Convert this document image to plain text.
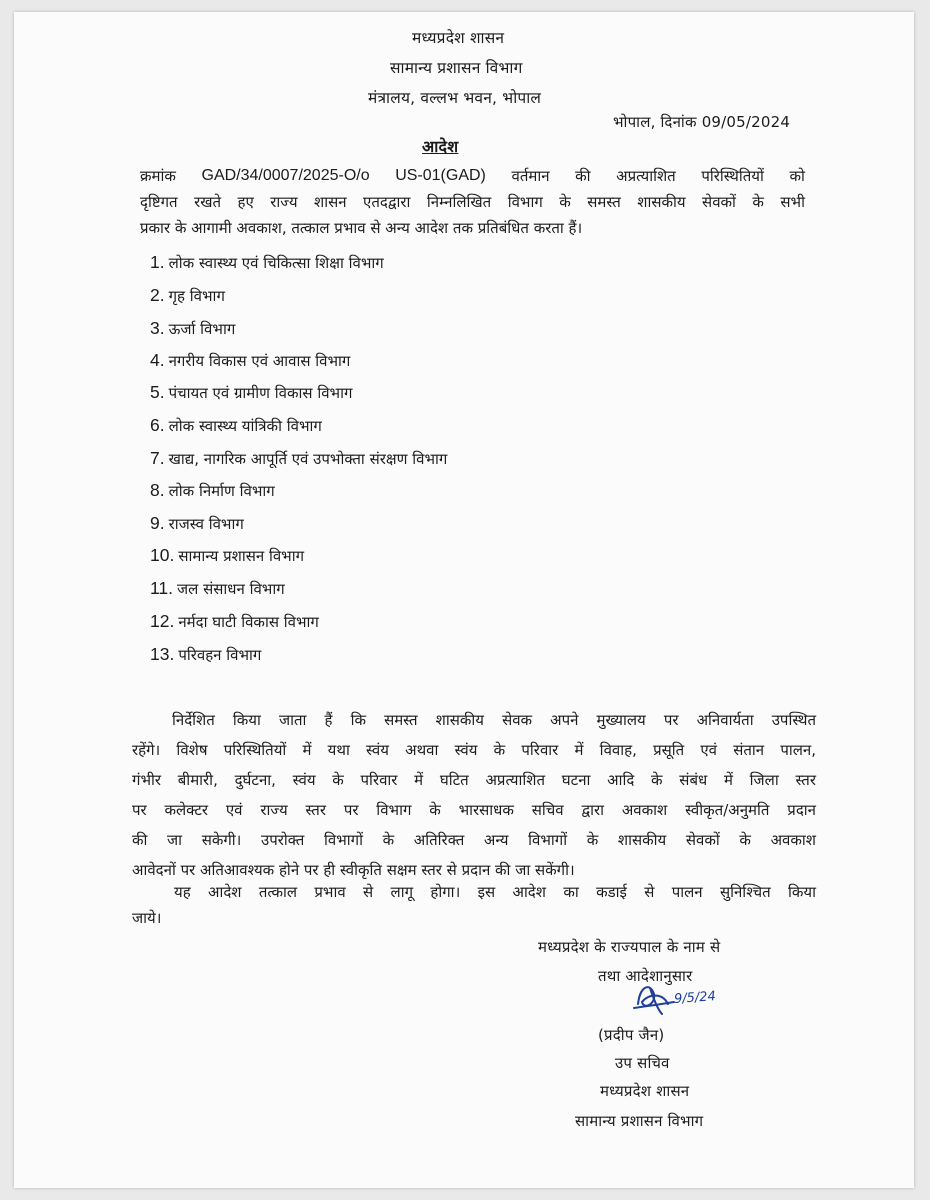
मध्यप्रदेश शासन
सामान्य प्रशासन विभाग
मंत्रालय, वल्लभ भवन, भोपाल
भोपाल, दिनांक 09/05/2024
आदेश
क्रमांक GAD/34/0007/2025-O/o US-01(GAD) वर्तमान की अप्रत्याशित परिस्थितियों को
दृष्टिगत रखते हए राज्य शासन एतदद्वारा निम्नलिखित विभाग के समस्त शासकीय सेवकों के सभी
प्रकार के आगामी अवकाश, तत्काल प्रभाव से अन्य आदेश तक प्रतिबंधित करता हैं।
1. लोक स्वास्थ्य एवं चिकित्सा शिक्षा विभाग
2. गृह विभाग
3. ऊर्जा विभाग
4. नगरीय विकास एवं आवास विभाग
5. पंचायत एवं ग्रामीण विकास विभाग
6. लोक स्वास्थ्य यांत्रिकी विभाग
7. खाद्य, नागरिक आपूर्ति एवं उपभोक्ता संरक्षण विभाग
8. लोक निर्माण विभाग
9. राजस्व विभाग
10. सामान्य प्रशासन विभाग
11. जल संसाधन विभाग
12. नर्मदा घाटी विकास विभाग
13. परिवहन विभाग
निर्देशित किया जाता हैं कि समस्त शासकीय सेवक अपने मुख्यालय पर अनिवार्यता उपस्थित
रहेंगे। विशेष परिस्थितियों में यथा स्वंय अथवा स्वंय के परिवार में विवाह, प्रसूति एवं संतान पालन,
गंभीर बीमारी, दुर्घटना, स्वंय के परिवार में घटित अप्रत्याशित घटना आदि के संबंध में जिला स्तर
पर कलेक्टर एवं राज्य स्तर पर विभाग के भारसाधक सचिव द्वारा अवकाश स्वीकृत/अनुमति प्रदान
की जा सकेगी। उपरोक्त विभागों के अतिरिक्त अन्य विभागों के शासकीय सेवकों के अवकाश
आवेदनों पर अतिआवश्यक होने पर ही स्वीकृति सक्षम स्तर से प्रदान की जा सकेंगी।
यह आदेश तत्काल प्रभाव से लागू होगा। इस आदेश का कडाई से पालन सुनिश्चित किया
जाये।
मध्यप्रदेश के राज्यपाल के नाम से
तथा आदेशानुसार
9/5/24
(प्रदीप जैन)
उप सचिव
मध्यप्रदेश शासन
सामान्य प्रशासन विभाग
